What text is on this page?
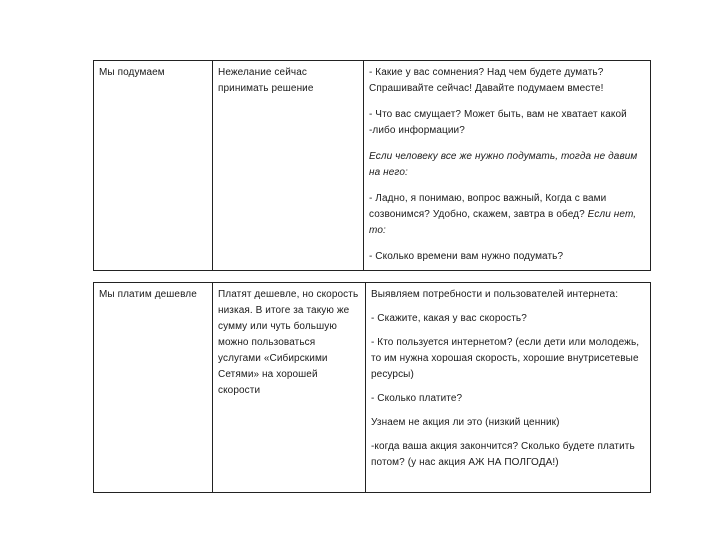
Мы подумаем	Нежелание сейчас принимать решение

- Какие у вас сомнения? Над чем будете думать? Спрашивайте сейчас! Давайте подумаем вместе!

- Что вас смущает? Может быть, вам не хватает какой -либо информации?

Если человеку все же нужно подумать, тогда не давим на него:

- Ладно, я понимаю, вопрос важный, Когда с вами созвонимся? Удобно, скажем, завтра в обед? Если нет, то:

- Сколько времени вам нужно подумать?

Мы платим дешевле	Платят дешевле, но скорость низкая. В итоге за такую же сумму или чуть большую можно пользоваться услугами «Сибирскими Сетями» на хорошей скорости

Выявляем потребности и пользователей интернета:

- Скажите, какая у вас скорость?

- Кто пользуется интернетом? (если дети или молодежь, то им нужна хорошая скорость, хорошие внутрисетевые ресурсы)

- Сколько платите?

Узнаем не акция ли это (низкий ценник)

-когда ваша акция закончится? Сколько будете платить потом? (у нас акция АЖ НА ПОЛГОДА!)
